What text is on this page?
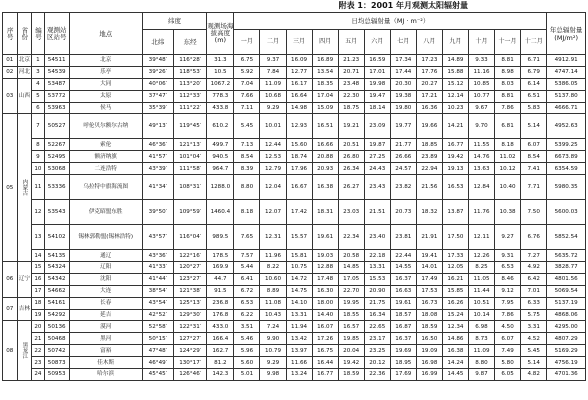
附表 1：2001 年月观测太阳辐射量
序号	省份	编号	观测站区站号	地点	纬度		观测场海拔高度(m)	日均总辐射量（MJ · m⁻²）												年总辐射量(MJ/m²)
					北纬	东经		一月	二月	三月	四月	五月	六月	七月	八月	九月	十月	十一月	十二月	
01	北京	1	54511	北京	39°48′	116°28′	31.3	6.75	9.37	16.09	16.89	21.23	16.59	17.34	17.23	14.89	9.33	8.81	6.71	4912.91
02	河北	3	54539	乐亭	39°26′	118°53′	10.5	5.92	7.84	12.77	13.54	20.71	17.01	17.44	17.76	15.88	11.16	8.98	6.79	4747.14
03	山西	4	53487	大同	40°06′	113°20′	1067.2	7.04	11.09	16.17	18.35	23.48	19.98	20.30	20.27	15.12	10.85	8.03	6.14	5386.05
		5	53772	太原	37°47′	112°33′	778.3	7.66	10.68	16.64	17.04	22.30	19.47	19.38	17.21	12.14	10.77	8.81	6.51	5137.80
		6	53963	侯马	35°39′	111°22′	433.8	7.11	9.29	14.98	15.09	18.75	18.14	19.80	16.36	10.23	9.67	7.86	5.83	4666.71
05	内蒙古	7	50527	呼伦贝尔额尔古纳	49°13′	119°45′	610.2	5.45	10.01	12.93	16.51	19.21	23.09	19.77	19.66	14.21	9.70	6.81	5.14	4952.63
		8	52267	索伦	46°36′	121°13′	499.7	7.13	12.44	15.60	16.66	20.51	19.87	21.77	18.85	16.77	11.55	8.18	6.07	5399.25
		9	52495	额济纳旗	41°57′	101°04′	940.5	8.54	12.53	18.74	20.88	26.80	27.25	26.66	23.89	19.42	14.76	11.02	8.54	6673.89
		10	53068	二连浩特	43°39′	111°58′	964.7	8.39	12.79	17.96	20.93	26.34	24.43	24.57	22.94	19.13	13.63	10.12	7.41	6354.59
		11	53336	乌拉特中旗海流图	41°34′	108°31′	1288.0	8.80	12.04	16.67	16.38	26.27	23.43	23.82	21.56	16.53	12.84	10.40	7.71	5980.35
		12	53543	伊克昭盟东胜	39°50′	109°59′	1460.4	8.18	12.07	17.42	18.31	23.03	21.51	20.73	18.32	13.87	11.76	10.38	7.50	5600.03
		13	54102	锡林郭勒盟(锡林浩特)	43°57′	116°04′	989.5	7.65	12.31	15.57	19.61	22.34	23.40	23.81	21.91	17.50	12.11	9.27	6.76	5852.54
		14	54135	通辽	43°36′	122°16′	178.5	7.57	11.96	15.81	19.03	20.58	22.18	22.44	19.41	17.33	12.26	9.31	7.27	5635.72
06	辽宁	15	54324	辽阳	41°33′	120°27′	169.9	5.44	8.22	10.75	12.88	14.85	13.31	14.55	14.01	12.05	8.25	6.53	4.92	3828.77
		16	54342	沈阳	41°44′	123°27′	44.7	6.41	10.60	14.72	17.48	17.05	15.53	16.37	17.49	16.21	11.05	8.46	6.42	4801.56
		17	54662	大连	38°54′	121°38′	91.5	6.72	8.89	14.75	16.30	22.70	20.90	16.63	17.53	15.85	11.44	9.12	7.01	5069.54
07	吉林	18	54161	长春	43°54′	125°13′	236.8	6.53	11.08	14.10	18.00	19.95	21.75	19.61	16.73	16.26	10.51	7.95	6.33	5137.19
		19	54292	延吉	42°52′	129°30′	176.8	6.22	10.43	13.31	14.40	18.55	16.34	18.57	18.08	15.24	10.14	7.86	5.75	4868.06
08	黑龙江	20	50136	漠河	52°58′	122°31′	433.0	3.51	7.24	11.94	16.07	16.57	22.65	16.87	18.59	12.34	6.98	4.50	3.31	4295.00
		21	50468	黑河	50°15′	127°27′	166.4	5.46	9.90	13.42	17.26	19.85	23.17	16.37	16.50	14.86	8.73	6.07	4.52	4807.29
		22	50742	富裕	47°48′	124°29′	162.7	5.96	10.79	13.97	16.75	20.04	23.25	19.69	19.09	16.38	11.09	7.49	5.45	5169.29
		23	50873	佳木斯	46°49′	130°17′	81.2	5.60	9.29	11.66	16.44	19.42	20.12	18.95	16.98	14.24	8.80	5.80	5.14	4756.19
		24	50953	哈尔滨	45°45′	126°46′	142.3	5.01	9.98	13.24	16.77	18.59	22.36	17.69	16.99	14.45	9.87	6.05	4.82	4701.36
